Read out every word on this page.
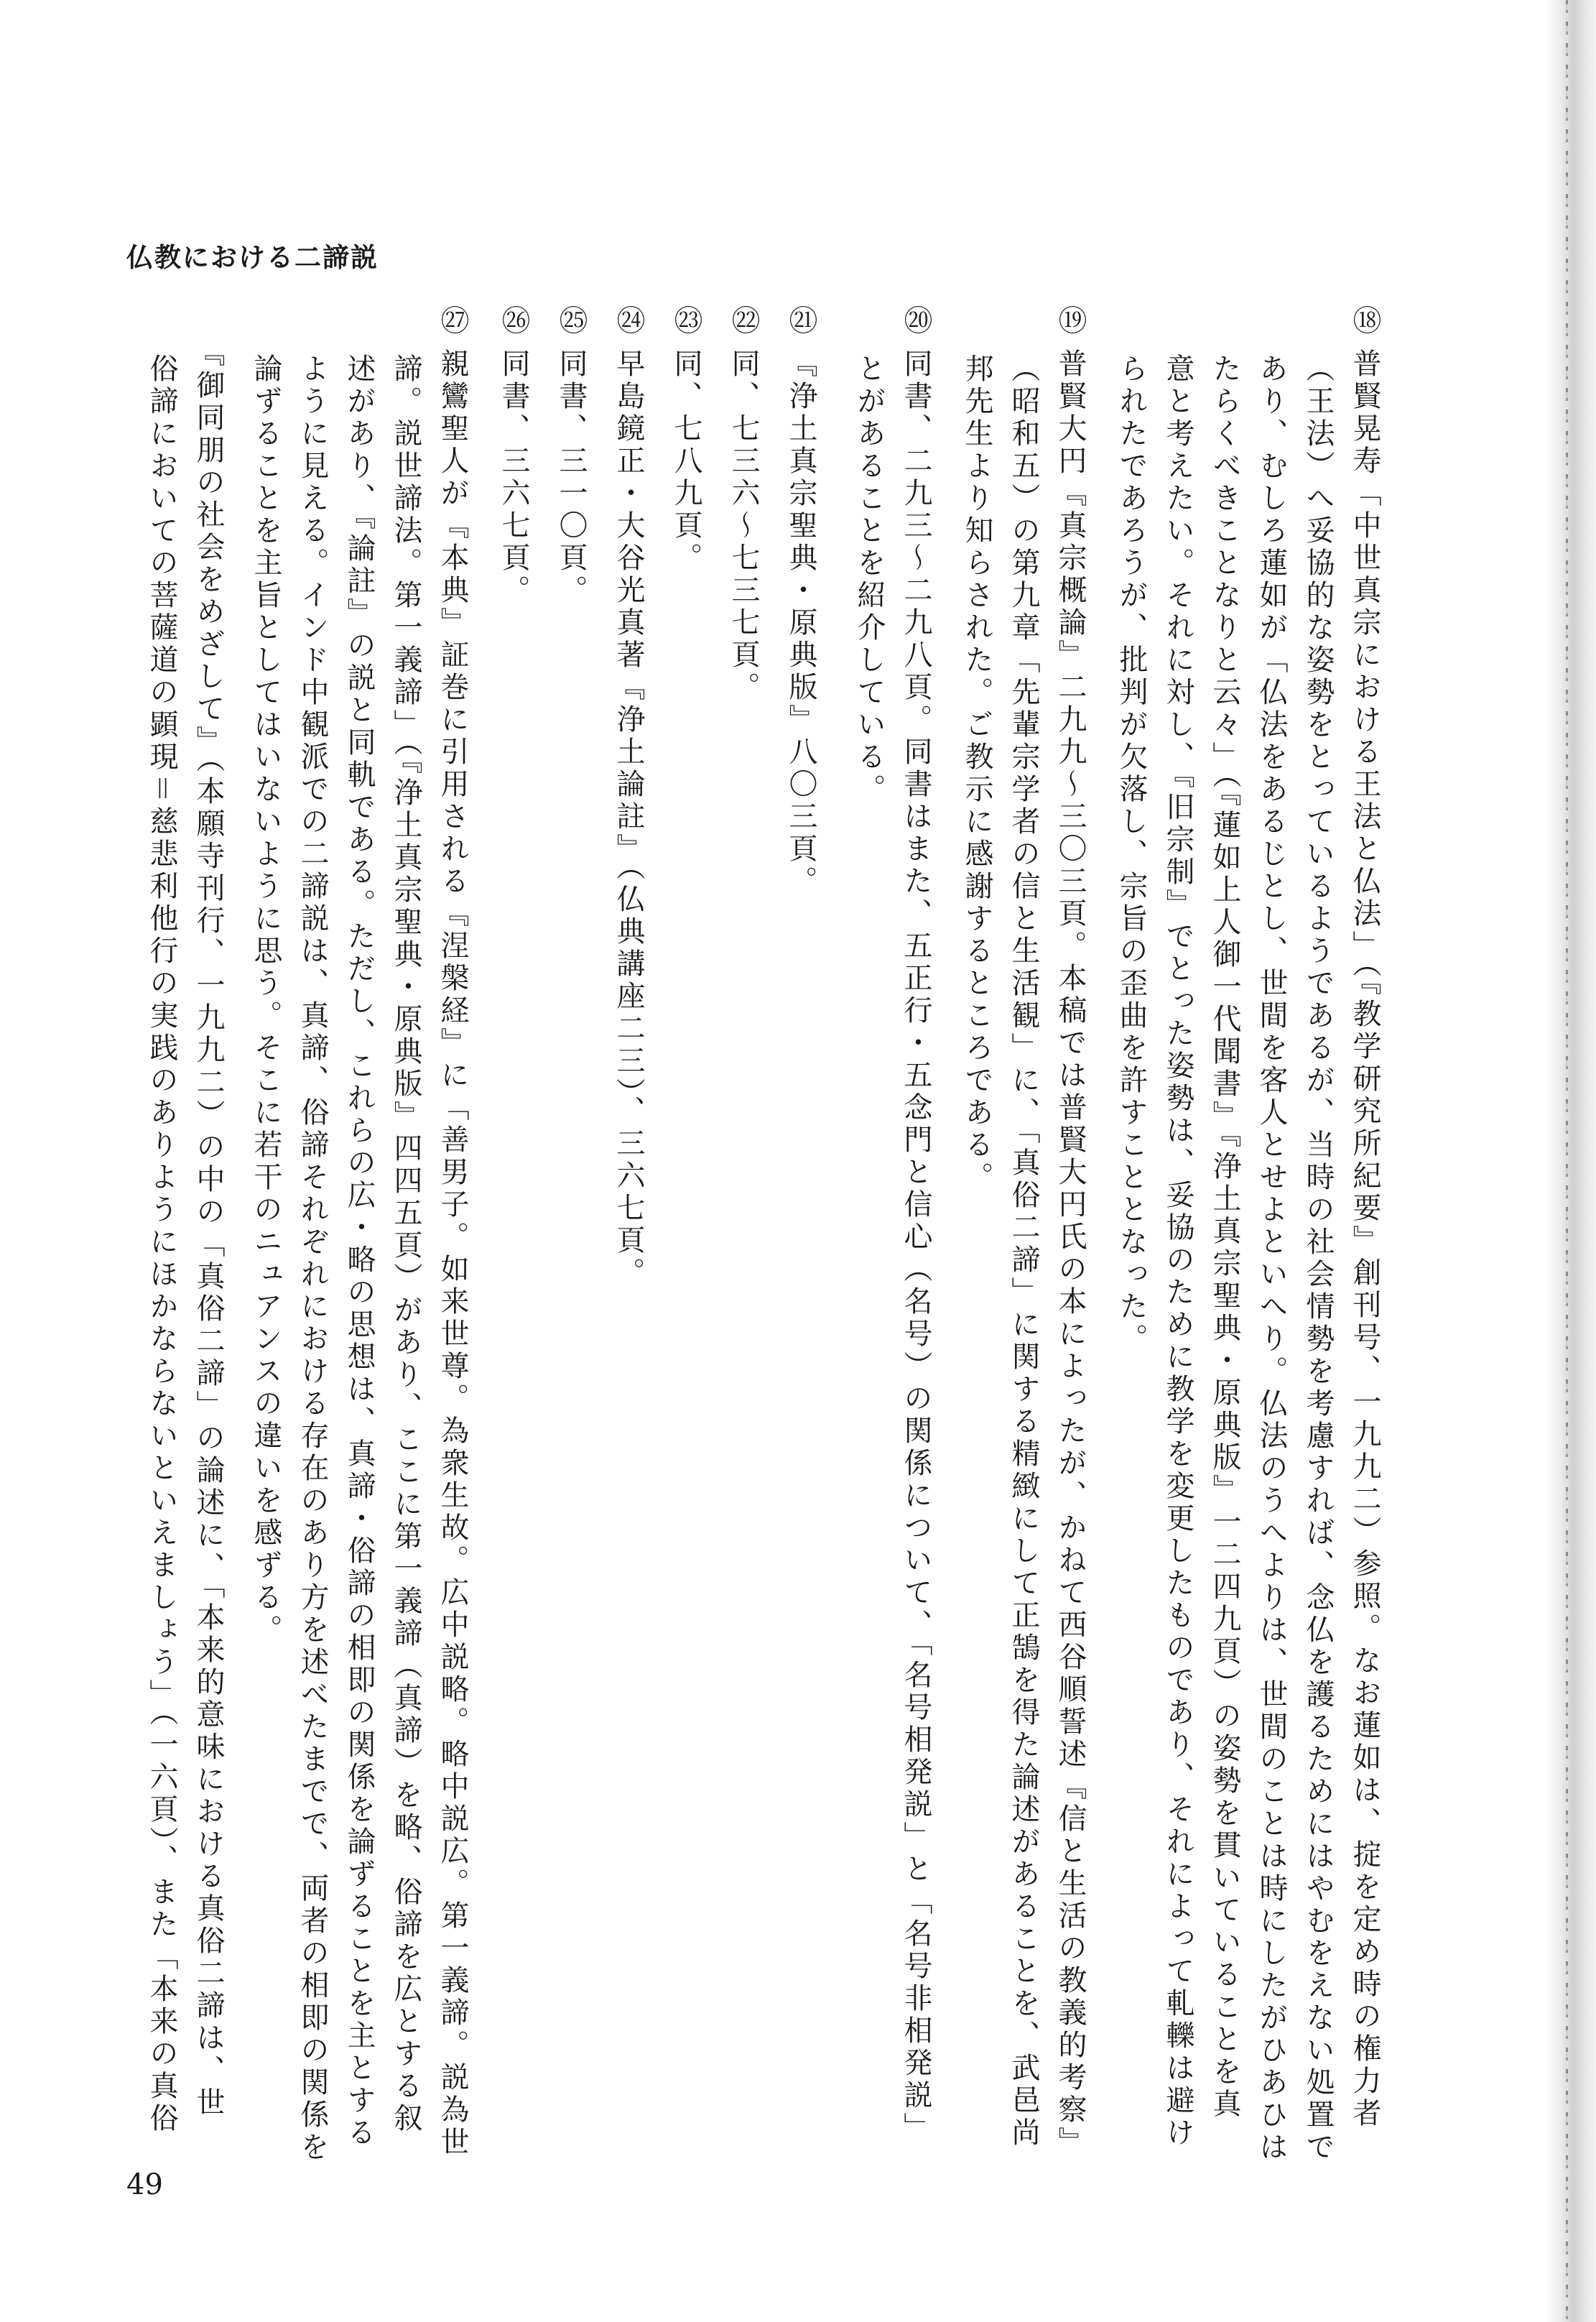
仏教における二諦説
⑱普賢晃寿「中世真宗における王法と仏法」（『教学研究所紀要』創刊号、一九九二）参照。なお蓮如は、掟を定め時の権力者
（王法）へ妥協的な姿勢をとっているようであるが、当時の社会情勢を考慮すれば、念仏を護るためにはやむをえない処置で
あり、むしろ蓮如が「仏法をあるじとし、世間を客人とせよといへり。仏法のうへよりは、世間のことは時にしたがひあひは
たらくべきことなりと云々」（『蓮如上人御一代聞書』『浄土真宗聖典・原典版』一二四九頁）の姿勢を貫いていることを真
意と考えたい。それに対し、『旧宗制』でとった姿勢は、妥協のために教学を変更したものであり、それによって軋轢は避け
られたであろうが、批判が欠落し、宗旨の歪曲を許すこととなった。
⑲普賢大円『真宗概論』二九九～三〇三頁。本稿では普賢大円氏の本によったが、かねて西谷順誓述『信と生活の教義的考察』
（昭和五）の第九章「先輩宗学者の信と生活観」に、「真俗二諦」に関する精緻にして正鵠を得た論述があることを、武邑尚
邦先生より知らされた。ご教示に感謝するところである。
⑳同書、二九三～二九八頁。同書はまた、五正行・五念門と信心（名号）の関係について、「名号相発説」と「名号非相発説」
とがあることを紹介している。
㉑『浄土真宗聖典・原典版』八〇三頁。
㉒同、七三六～七三七頁。
㉓同、七八九頁。
㉔早島鏡正・大谷光真著『浄土論註』（仏典講座二三）、三六七頁。
㉕同書、三一〇頁。
㉖同書、三六七頁。
㉗親鸞聖人が『本典』証巻に引用される『涅槃経』に「善男子。如来世尊。為衆生故。広中説略。略中説広。第一義諦。説為世
諦。説世諦法。第一義諦」（『浄土真宗聖典・原典版』四四五頁）があり、ここに第一義諦（真諦）を略、俗諦を広とする叙
述があり、『論註』の説と同軌である。ただし、これらの広・略の思想は、真諦・俗諦の相即の関係を論ずることを主とする
ように見える。インド中観派での二諦説は、真諦、俗諦それぞれにおける存在のあり方を述べたまでで、両者の相即の関係を
論ずることを主旨としてはいないように思う。そこに若干のニュアンスの違いを感ずる。
『御同朋の社会をめざして』（本願寺刊行、一九九二）の中の「真俗二諦」の論述に、「本来的意味における真俗二諦は、世
俗諦においての菩薩道の顕現＝慈悲利他行の実践のありようにほかならないといえましょう」（一六頁）、また「本来の真俗
49
